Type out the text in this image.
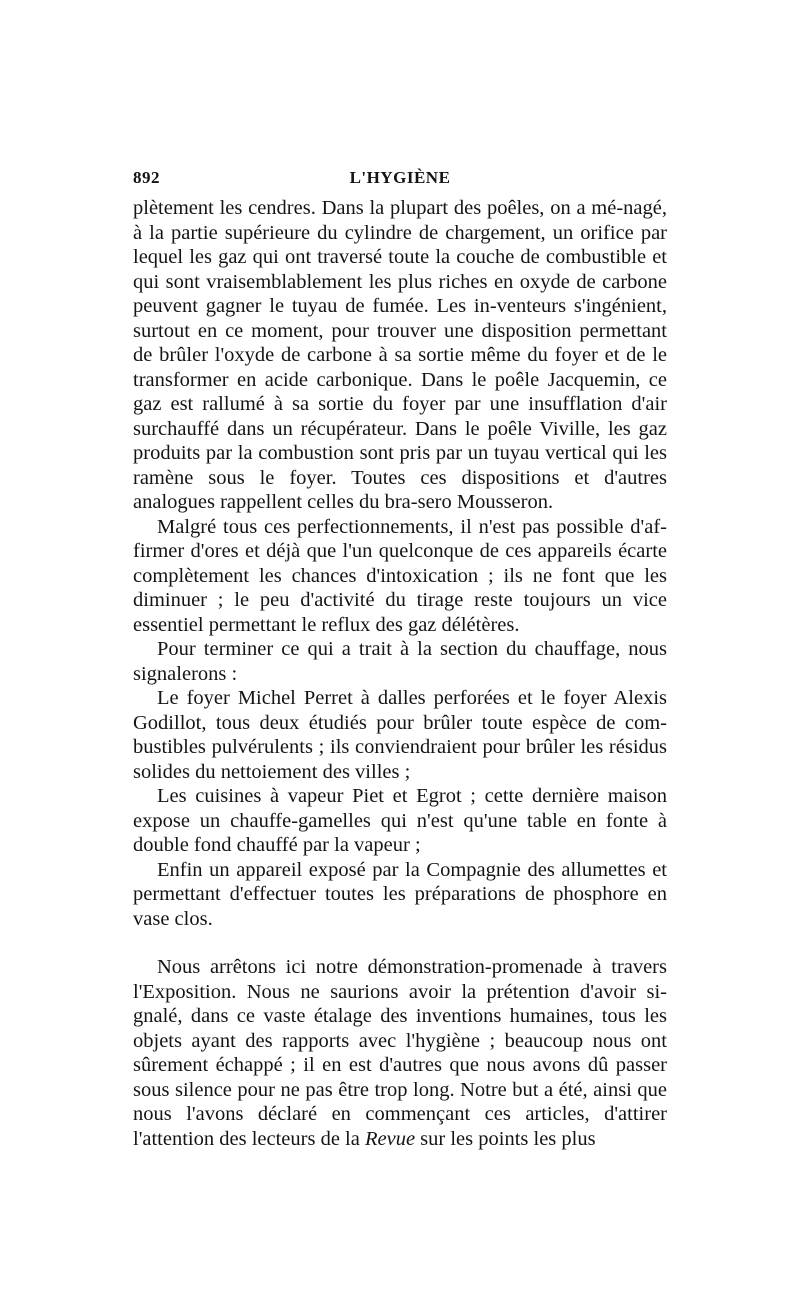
892	L'HYGIÈNE

plètement les cendres. Dans la plupart des poêles, on a mé-nagé, à la partie supérieure du cylindre de chargement, un orifice par lequel les gaz qui ont traversé toute la couche de combustible et qui sont vraisemblablement les plus riches en oxyde de carbone peuvent gagner le tuyau de fumée. Les in-venteurs s'ingénient, surtout en ce moment, pour trouver une disposition permettant de brûler l'oxyde de carbone à sa sortie même du foyer et de le transformer en acide carbonique. Dans le poêle Jacquemin, ce gaz est rallumé à sa sortie du foyer par une insufflation d'air surchauffé dans un récupérateur. Dans le poêle Viville, les gaz produits par la combustion sont pris par un tuyau vertical qui les ramène sous le foyer. Toutes ces dispositions et d'autres analogues rappellent celles du bra-sero Mousseron.

Malgré tous ces perfectionnements, il n'est pas possible d'af-firmer d'ores et déjà que l'un quelconque de ces appareils écarte complètement les chances d'intoxication ; ils ne font que les diminuer ; le peu d'activité du tirage reste toujours un vice essentiel permettant le reflux des gaz délétères.

Pour terminer ce qui a trait à la section du chauffage, nous signalerons :

Le foyer Michel Perret à dalles perforées et le foyer Alexis Godillot, tous deux étudiés pour brûler toute espèce de com-bustibles pulvérulents ; ils conviendraient pour brûler les résidus solides du nettoiement des villes ;

Les cuisines à vapeur Piet et Egrot ; cette dernière maison expose un chauffe-gamelles qui n'est qu'une table en fonte à double fond chauffé par la vapeur ;

Enfin un appareil exposé par la Compagnie des allumettes et permettant d'effectuer toutes les préparations de phosphore en vase clos.

Nous arrêtons ici notre démonstration-promenade à travers l'Exposition. Nous ne saurions avoir la prétention d'avoir si-gnalé, dans ce vaste étalage des inventions humaines, tous les objets ayant des rapports avec l'hygiène ; beaucoup nous ont sûrement échappé ; il en est d'autres que nous avons dû passer sous silence pour ne pas être trop long. Notre but a été, ainsi que nous l'avons déclaré en commençant ces articles, d'attirer l'attention des lecteurs de la Revue sur les points les plus
